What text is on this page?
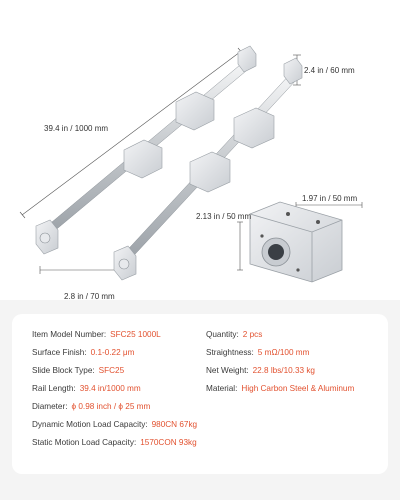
39.4 in / 1000 mm
2.4 in / 60 mm
1.97 in / 50 mm
2.13 in / 50 mm
2.8 in / 70 mm
Item Model Number: SFC25 1000L
Surface Finish: 0.1-0.22 μm
Slide Block Type: SFC25
Rail Length: 39.4 in/1000 mm
Diameter: ϕ 0.98 inch / ϕ 25 mm
Dynamic Motion Load Capacity: 980CN 67kg
Static Motion Load Capacity: 1570CON 93kg
Quantity: 2 pcs
Straightness: 5 mΩ/100 mm
Net Weight: 22.8 lbs/10.33 kg
Material: High Carbon Steel & Aluminum
